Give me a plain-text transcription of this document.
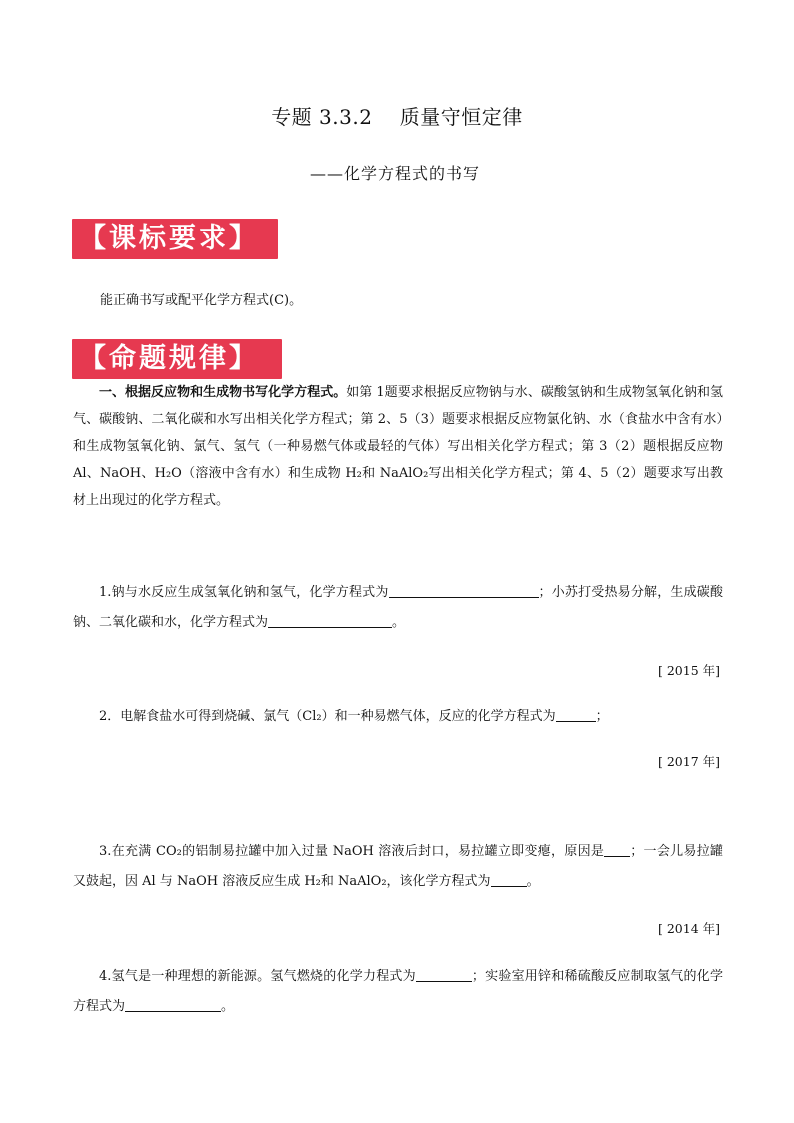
专题 3.3.2　 质量守恒定律
——化学方程式的书写
【课标要求】
能正确书写或配平化学方程式(C)。
【命题规律】
一、根据反应物和生成物书写化学方程式。如第 1题要求根据反应物钠与水、碳酸氢钠和生成物氢氧化钠和氢气、碳酸钠、二氧化碳和水写出相关化学方程式；第 2、5（3）题要求根据反应物氯化钠、水（食盐水中含有水）和生成物氢氧化钠、氯气、氢气（一种易燃气体或最轻的气体）写出相关化学方程式；第 3（2）题根据反应物 Al、NaOH、H₂O（溶液中含有水）和生成物 H₂和 NaAlO₂写出相关化学方程式；第 4、5（2）题要求写出教材上出现过的化学方程式。
1.钠与水反应生成氢氧化钠和氢气，化学方程式为	；小苏打受热易分解，生成碳酸钠、二氧化碳和水，化学方程式为	。
[ 2015 年]
2．电解食盐水可得到烧碱、氯气（Cl₂）和一种易燃气体，反应的化学方程式为	；
[ 2017 年]
3.在充满 CO₂的铝制易拉罐中加入过量 NaOH 溶液后封口，易拉罐立即变瘪，原因是 ；一会儿易拉罐又鼓起，因 Al 与 NaOH 溶液反应生成 H₂和 NaAlO₂，该化学方程式为	。
[ 2014 年]
4.氢气是一种理想的新能源。氢气燃烧的化学力程式为	；实验室用锌和稀硫酸反应制取氢气的化学方程式为	。
